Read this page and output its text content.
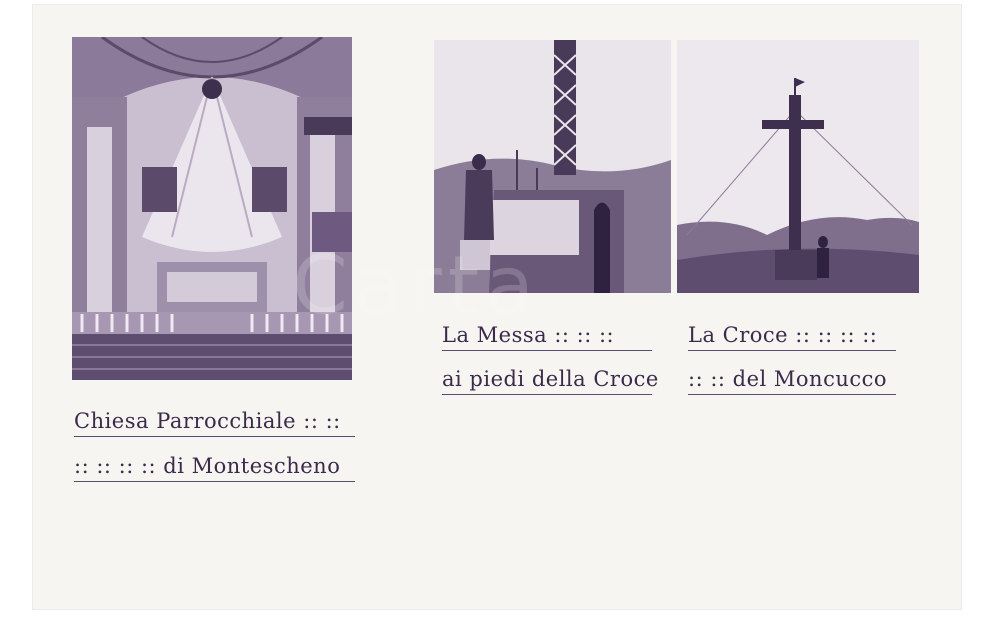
Chiesa Parrocchiale :: ::
:: :: :: :: di Montescheno
La Messa :: :: ::
ai piedi della Croce
La Croce :: :: :: ::
:: :: del Moncucco
Carta
